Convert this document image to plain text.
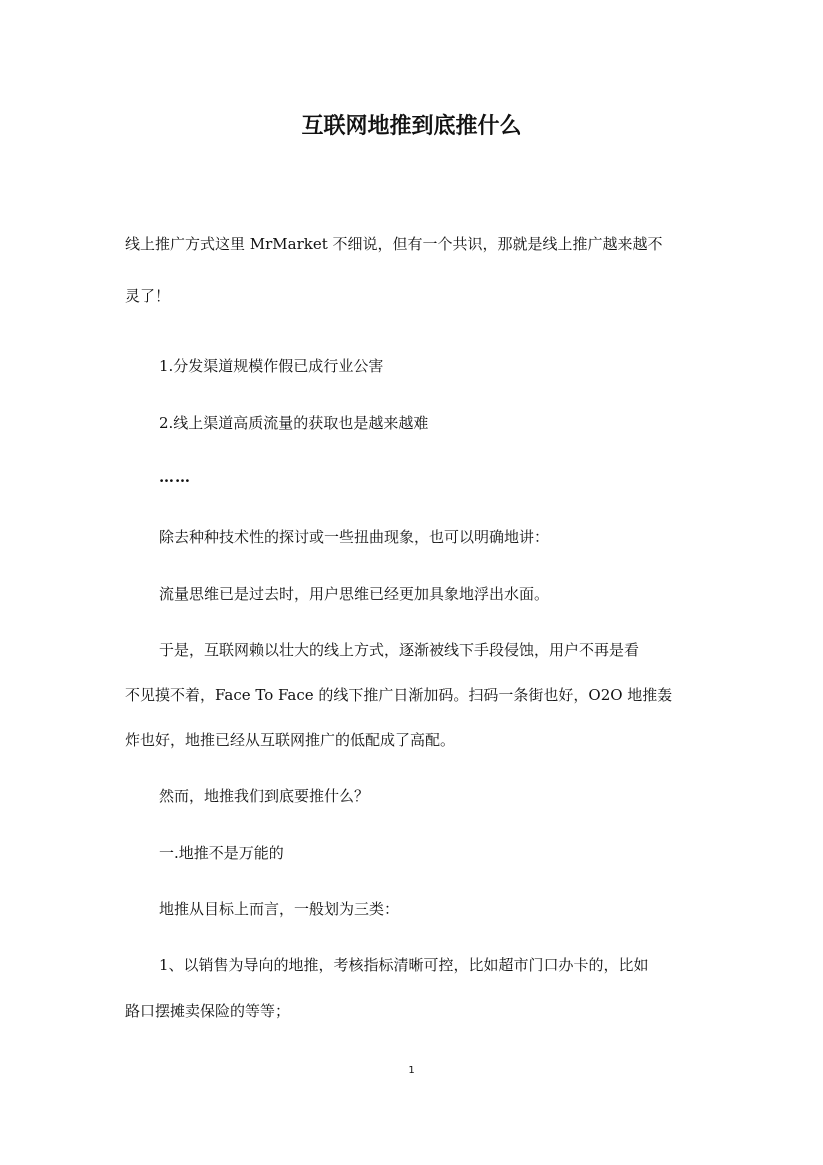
互联网地推到底推什么
线上推广方式这里 MrMarket 不细说，但有一个共识，那就是线上推广越来越不
灵了！
1.分发渠道规模作假已成行业公害
2.线上渠道高质流量的获取也是越来越难
……
除去种种技术性的探讨或一些扭曲现象，也可以明确地讲：
流量思维已是过去时，用户思维已经更加具象地浮出水面。
于是，互联网赖以壮大的线上方式，逐渐被线下手段侵蚀，用户不再是看
不见摸不着，Face To Face 的线下推广日渐加码。扫码一条街也好，O2O 地推轰
炸也好，地推已经从互联网推广的低配成了高配。
然而，地推我们到底要推什么？
一.地推不是万能的
地推从目标上而言，一般划为三类：
1、以销售为导向的地推，考核指标清晰可控，比如超市门口办卡的，比如
路口摆摊卖保险的等等；
1
